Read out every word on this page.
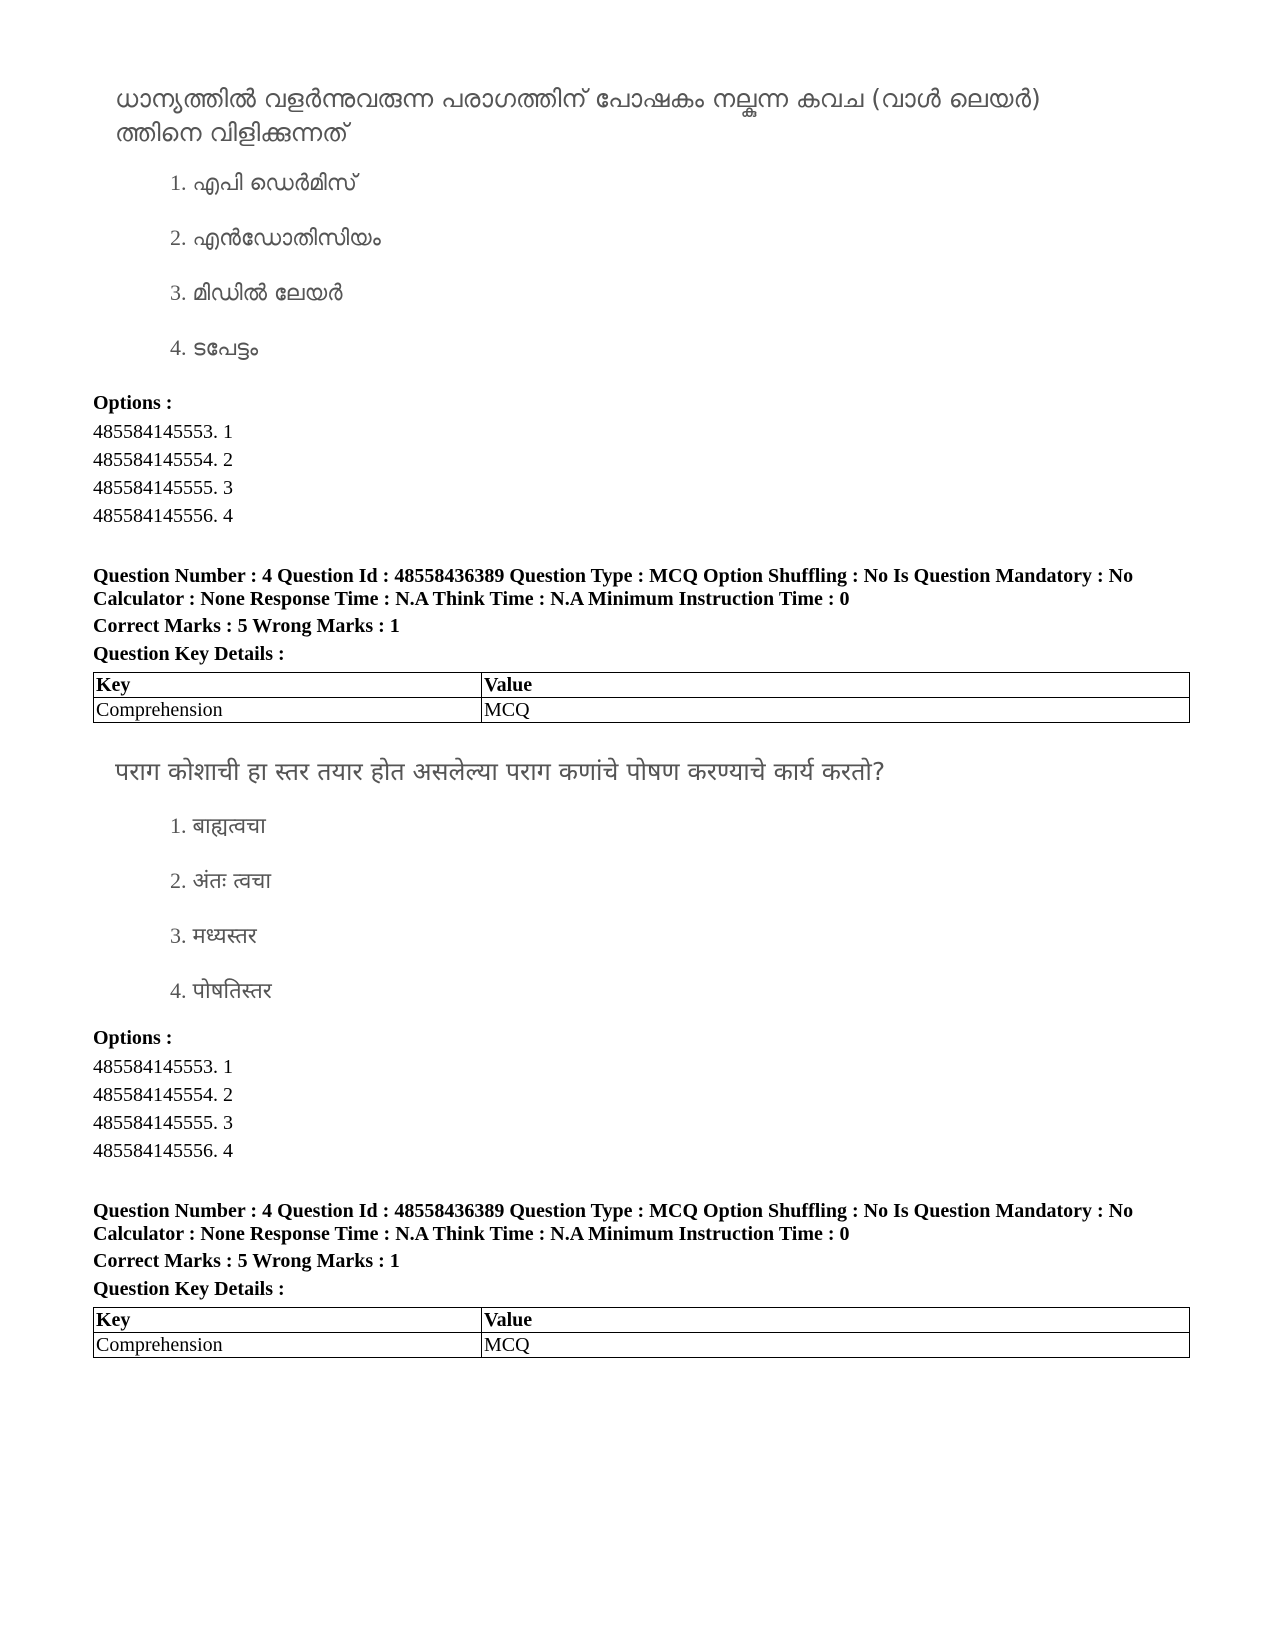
ധാന്യത്തിൽ വളർന്നുവരുന്ന പരാഗത്തിന് പോഷകം നല്കുന്ന കവച (വാൾ ലെയർ) ത്തിനെ വിളിക്കുന്നത്
1. എപി ഡെർമിസ്
2. എൻഡോതിസിയം
3. മിഡിൽ ലേയർ
4. ടപേട്ടം
Options :
485584145553. 1
485584145554. 2
485584145555. 3
485584145556. 4
Question Number : 4 Question Id : 48558436389 Question Type : MCQ Option Shuffling : No Is Question Mandatory : No
Calculator : None Response Time : N.A Think Time : N.A Minimum Instruction Time : 0
Correct Marks : 5 Wrong Marks : 1
Question Key Details :
Key	Value
Comprehension	MCQ
पराग कोशाची हा स्तर तयार होत असलेल्या पराग कणांचे पोषण करण्याचे कार्य करतो?
1. बाह्यत्वचा
2. अंतः त्वचा
3. मध्यस्तर
4. पोषतिस्तर
Options :
485584145553. 1
485584145554. 2
485584145555. 3
485584145556. 4
Question Number : 4 Question Id : 48558436389 Question Type : MCQ Option Shuffling : No Is Question Mandatory : No
Calculator : None Response Time : N.A Think Time : N.A Minimum Instruction Time : 0
Correct Marks : 5 Wrong Marks : 1
Question Key Details :
Key	Value
Comprehension	MCQ
